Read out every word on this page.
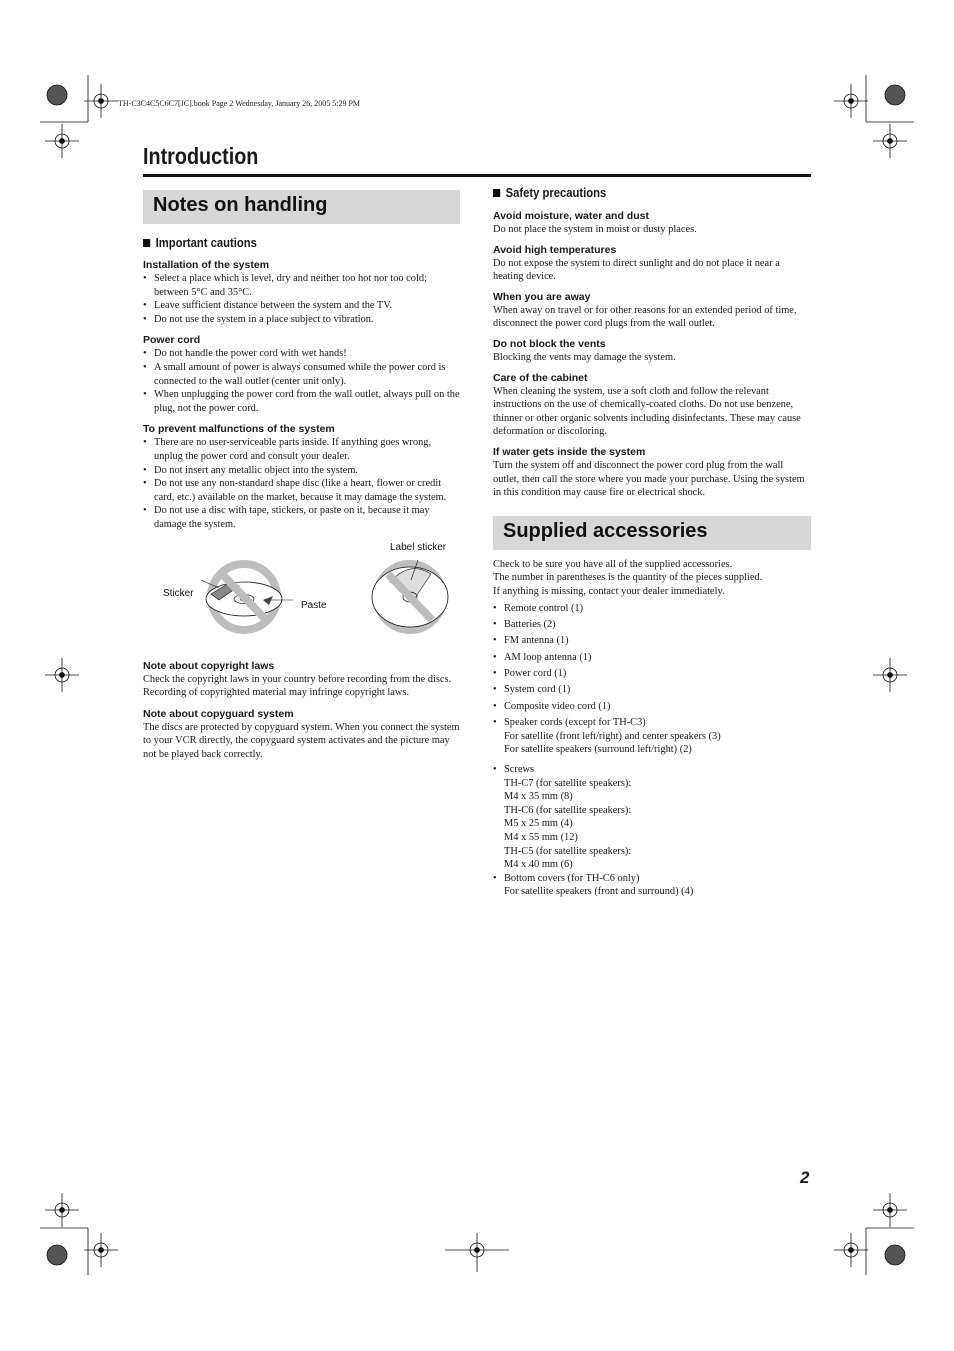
TH-C3C4C5C6C7[JC].book Page 2 Wednesday, January 26, 2005 5:29 PM
Introduction
Notes on handling
Important cautions
Installation of the system
• Select a place which is level, dry and neither too hot nor too cold; between 5°C and 35°C.
• Leave sufficient distance between the system and the TV.
• Do not use the system in a place subject to vibration.
Power cord
• Do not handle the power cord with wet hands!
• A small amount of power is always consumed while the power cord is connected to the wall outlet (center unit only).
• When unplugging the power cord from the wall outlet, always pull on the plug, not the power cord.
To prevent malfunctions of the system
• There are no user-serviceable parts inside. If anything goes wrong, unplug the power cord and consult your dealer.
• Do not insert any metallic object into the system.
• Do not use any non-standard shape disc (like a heart, flower or credit card, etc.) available on the market, because it may damage the system.
• Do not use a disc with tape, stickers, or paste on it, because it may damage the system.
Label sticker
Sticker
Paste
Note about copyright laws

Check the copyright laws in your country before recording from the discs. Recording of copyrighted material may infringe copyright laws.

Note about copyguard system

The discs are protected by copyguard system. When you connect the system to your VCR directly, the copyguard system activates and the picture may not be played back correctly.

Safety precautions
Avoid moisture, water and dust

Do not place the system in moist or dusty places.

Avoid high temperatures

Do not expose the system to direct sunlight and do not place it near a heating device.

When you are away

When away on travel or for other reasons for an extended period of time, disconnect the power cord plugs from the wall outlet.

Do not block the vents

Blocking the vents may damage the system.

Care of the cabinet

When cleaning the system, use a soft cloth and follow the relevant instructions on the use of chemically-coated cloths. Do not use benzene, thinner or other organic solvents including disinfectants. These may cause deformation or discoloring.

If water gets inside the system

Turn the system off and disconnect the power cord plug from the wall outlet, then call the store where you made your purchase. Using the system in this condition may cause fire or electrical shock.

Supplied accessories

Check to be sure you have all of the supplied accessories.

The number in parentheses is the quantity of the pieces supplied.

If anything is missing, contact your dealer immediately.

• Remote control (1)
• Batteries (2)
• FM antenna (1)
• AM loop antenna (1)
• Power cord (1)
• System cord (1)
• Composite video cord (1)
• Speaker cords (except for TH-C3)
For satellite (front left/right) and center speakers (3)
For satellite speakers (surround left/right) (2)
• Screws
TH-C7 (for satellite speakers):
M4 x 35 mm (8)
TH-C6 (for satellite speakers):
M5 x 25 mm (4)
M4 x 55 mm (12)
TH-C5 (for satellite speakers):
M4 x 40 mm (6)
• Bottom covers (for TH-C6 only)
For satellite speakers (front and surround) (4)
2
